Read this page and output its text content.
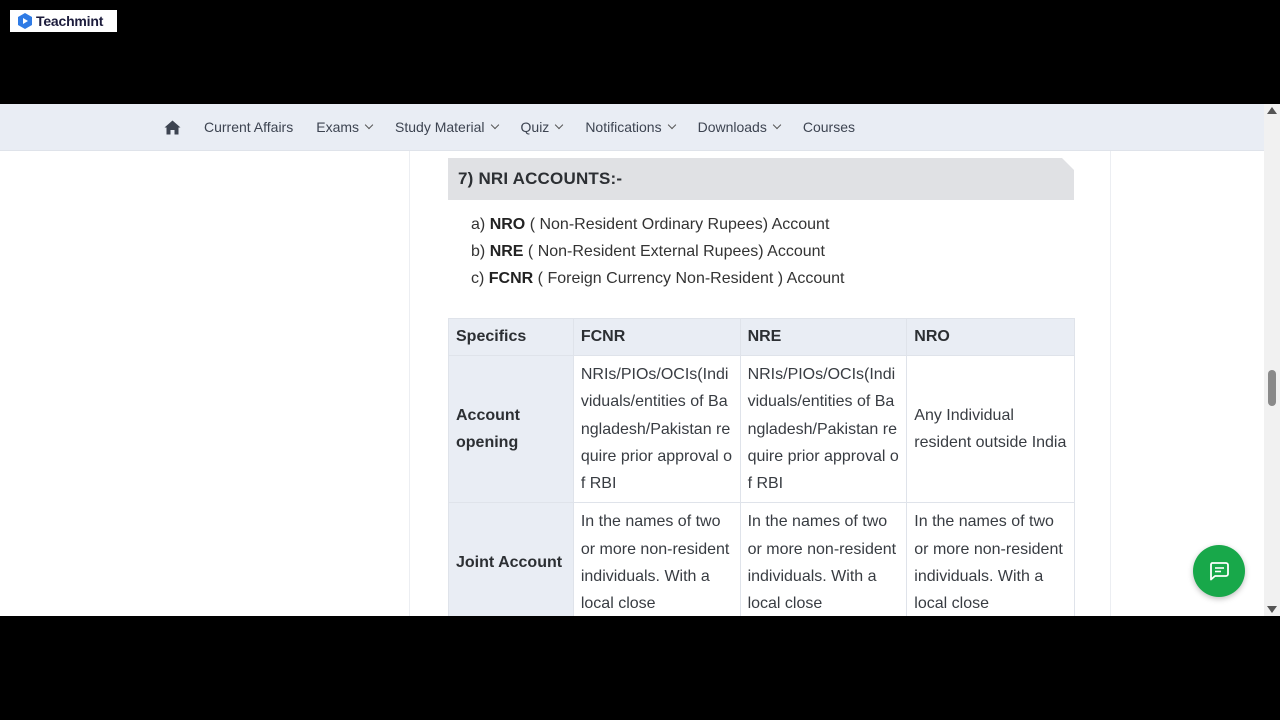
Teachmint
Current Affairs Exams	Study Material	Quiz	Notifications	Downloads	Courses
7) NRI ACCOUNTS:-
a) NRO ( Non-Resident Ordinary Rupees) Account
b) NRE ( Non-Resident External Rupees) Account
c) FCNR ( Foreign Currency Non-Resident ) Account
Specifics	FCNR	NRE	NRO
Account opening	NRIs/PIOs/OCIs(Individuals/entities of Bangladesh/Pakistan require prior approval of RBI	NRIs/PIOs/OCIs(Individuals/entities of Bangladesh/Pakistan require prior approval of RBI	Any Individual resident outside India
Joint Account	In the names of two or more non-resident individuals. With a local close	In the names of two or more non-resident individuals. With a local close	In the names of two or more non-resident individuals. With a local close
